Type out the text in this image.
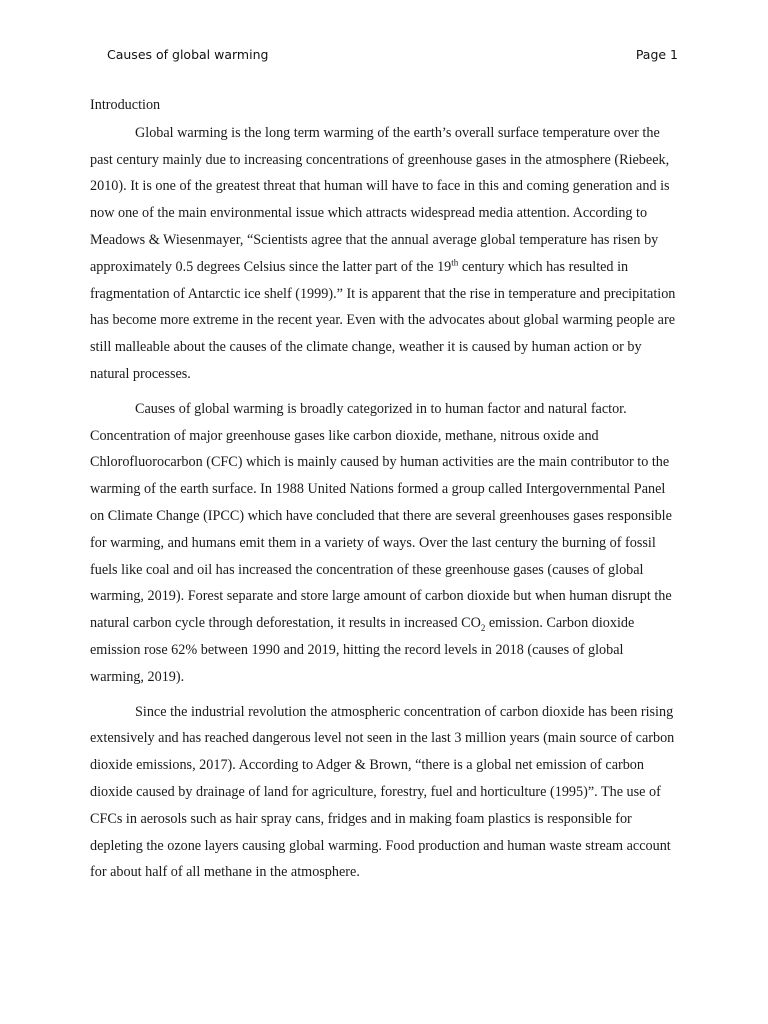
Causes of global warming	Page 1

Introduction

Global warming is the long term warming of the earth’s overall surface temperature over the past century mainly due to increasing concentrations of greenhouse gases in the atmosphere (Riebeek, 2010). It is one of the greatest threat that human will have to face in this and coming generation and is now one of the main environmental issue which attracts widespread media attention. According to Meadows & Wiesenmayer, “Scientists agree that the annual average global temperature has risen by approximately 0.5 degrees Celsius since the latter part of the 19th century which has resulted in fragmentation of Antarctic ice shelf (1999).” It is apparent that the rise in temperature and precipitation has become more extreme in the recent year. Even with the advocates about global warming people are still malleable about the causes of the climate change, weather it is caused by human action or by natural processes.

Causes of global warming is broadly categorized in to human factor and natural factor. Concentration of major greenhouse gases like carbon dioxide, methane, nitrous oxide and Chlorofluorocarbon (CFC) which is mainly caused by human activities are the main contributor to the warming of the earth surface. In 1988 United Nations formed a group called Intergovernmental Panel on Climate Change (IPCC) which have concluded that there are several greenhouses gases responsible for warming, and humans emit them in a variety of ways. Over the last century the burning of fossil fuels like coal and oil has increased the concentration of these greenhouse gases (causes of global warming, 2019). Forest separate and store large amount of carbon dioxide but when human disrupt the natural carbon cycle through deforestation, it results in increased $CO_2$ emission. Carbon dioxide emission rose 62% between 1990 and 2019, hitting the record levels in 2018 (causes of global warming, 2019).

Since the industrial revolution the atmospheric concentration of carbon dioxide has been rising extensively and has reached dangerous level not seen in the last 3 million years (main source of carbon dioxide emissions, 2017). According to Adger & Brown, “there is a global net emission of carbon dioxide caused by drainage of land for agriculture, forestry, fuel and horticulture (1995)”. The use of CFCs in aerosols such as hair spray cans, fridges and in making foam plastics is responsible for depleting the ozone layers causing global warming. Food production and human waste stream account for about half of all methane in the atmosphere.
